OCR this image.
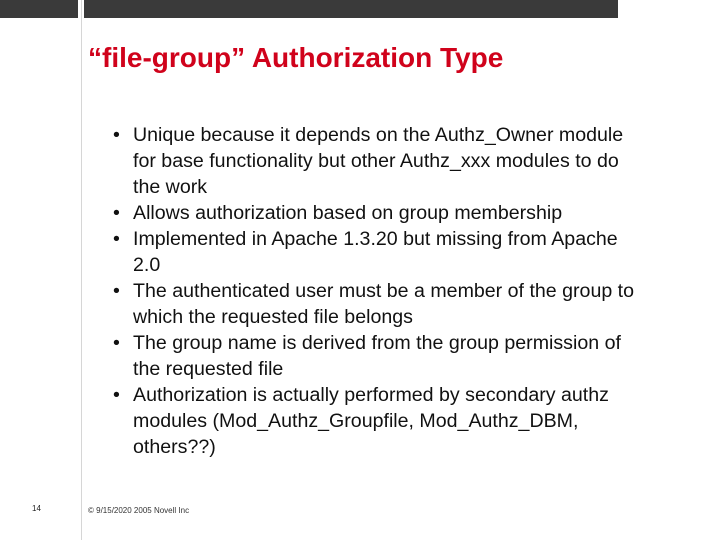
“file-group” Authorization Type
• Unique because it depends on the Authz_Owner module for base functionality but other Authz_xxx modules to do the work
• Allows authorization based on group membership
• Implemented in Apache 1.3.20 but missing from Apache 2.0
• The authenticated user must be a member of the group to which the requested file belongs
• The group name is derived from the group permission of the requested file
• Authorization is actually performed by secondary authz modules (Mod_Authz_Groupfile, Mod_Authz_DBM, others??)
14	© 9/15/2020 2005 Novell Inc
